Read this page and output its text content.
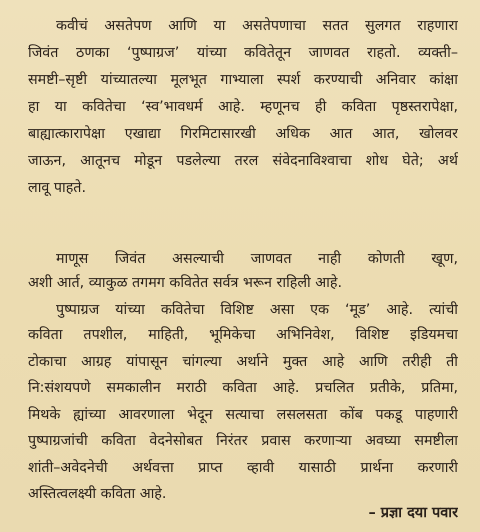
कवीचं असतेपण आणि या असतेपणाचा सतत सुलगत राहणारा
जिवंत ठणका ‘पुष्पाग्रज’ यांच्या कवितेतून जाणवत राहतो. व्यक्ती–
समष्टी–सृष्टी यांच्यातल्या मूलभूत गाभ्याला स्पर्श करण्याची अनिवार कांक्षा
हा या कवितेचा ‘स्व’भावधर्म आहे. म्हणूनच ही कविता पृष्ठस्तरापेक्षा,
बाह्यात्कारापेक्षा एखाद्या गिरमिटासारखी अधिक आत आत, खोलवर
जाऊन, आतूनच मोडून पडलेल्या तरल संवेदनाविश्वाचा शोध घेते; अर्थ
लावू पाहते.
माणूस जिवंत असल्याची जाणवत नाही कोणती खूण,
अशी आर्त, व्याकुळ तगमग कवितेत सर्वत्र भरून राहिली आहे.
पुष्पाग्रज यांच्या कवितेचा विशिष्ट असा एक ‘मूड’ आहे. त्यांची
कविता तपशील, माहिती, भूमिकेचा अभिनिवेश, विशिष्ट इडियमचा
टोकाचा आग्रह यांपासून चांगल्या अर्थाने मुक्त आहे आणि तरीही ती
नि:संशयपणे समकालीन मराठी कविता आहे. प्रचलित प्रतीके, प्रतिमा,
मिथके ह्यांच्या आवरणाला भेदून सत्याचा लसलसता कोंब पकडू पाहणारी
पुष्पाग्रजांची कविता वेदनेसोबत निरंतर प्रवास करणाऱ्या अवघ्या समष्टीला
शांती–अवेदनेची अर्थवत्ता प्राप्त व्हावी यासाठी प्रार्थना करणारी
अस्तित्वलक्ष्यी कविता आहे.
– प्रज्ञा दया पवार
